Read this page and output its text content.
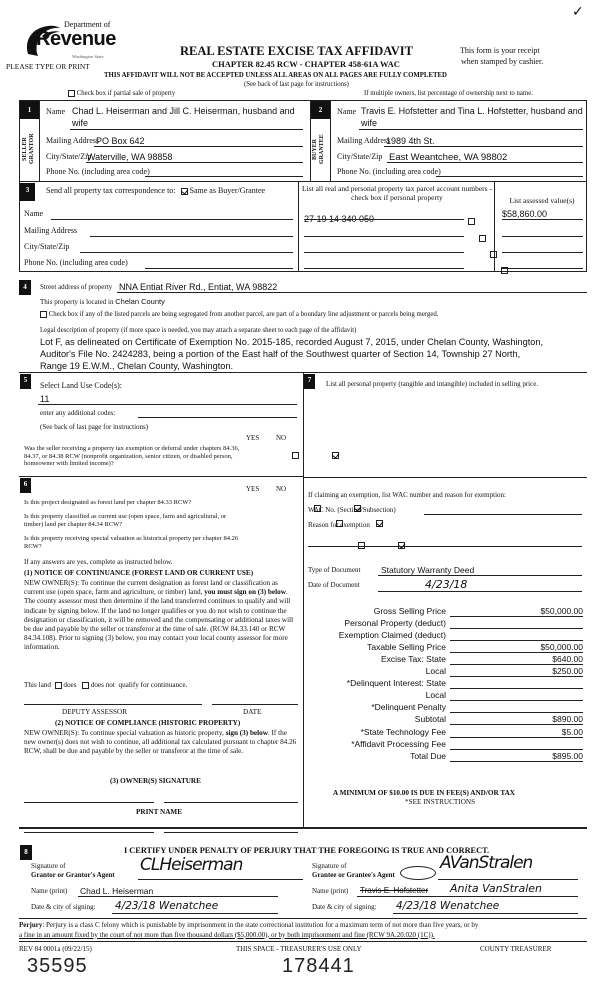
✓
Department of
Revenue
Washington State
PLEASE TYPE OR PRINT
REAL ESTATE EXCISE TAX AFFIDAVIT
CHAPTER 82.45 RCW - CHAPTER 458-61A WAC
This form is your receipt
when stamped by cashier.
THIS AFFIDAVIT WILL NOT BE ACCEPTED UNLESS ALL AREAS ON ALL PAGES ARE FULLY COMPLETED
(See back of last page for instructions)
Check box if partial sale of property	If multiple owners, list percentage of ownership next to name.
1
SELLER GRANTOR
Name Chad L. Heiserman and Jill C. Heiserman, husband and
wife
Mailing Address
PO Box 642
City/State/Zip
Waterville, WA 98858
Phone No. (including area code)
2
BUYER GRANTEE
Name Travis E. Hofstetter and Tina L. Hofstetter, husband and
wife
Mailing Address
1989 4th St.
City/State/Zip East Weantchee, WA 98802
Phone No. (including area code)
3	Send all property tax correspondence to: Same as Buyer/Grantee
Name
Mailing Address
City/State/Zip
Phone No. (including area code)
List all real and personal property tax parcel account numbers - check box if personal property	List assessed value(s)
27 19 14 340 050
	$58,860.00

4	Street address of property NNA Entiat River Rd., Entiat, WA 98822
This property is located in Chelan County
Check box if any of the listed parcels are being segregated from another parcel, are part of a boundary line adjustment or parcels being merged.
Legal description of property (if more space is needed, you may attach a separate sheet to each page of the affidavit)
Lot F, as delineated on Certificate of Exemption No. 2015-185, recorded August 7, 2015, under Chelan County, Washington,
Auditor's File No. 2424283, being a portion of the East half of the Southwest quarter of Section 14, Township 27 North,
Range 19 E.W.M., Chelan County, Washington.
5
Select Land Use Code(s):
11
enter any additional codes:
(See back of last page for instructions)
YES NO
Was the seller receiving a property tax exemption or deferral under chapters 84.36, 84.37, or 84.38 RCW (nonprofit organization, senior citizen, or disabled person, homeowner with limited income)?

6
YES NO
Is this project designated as forest land per chapter 84.33 RCW?

Is this property classified as current use (open space, farm and agricultural, or timber) land per chapter 84.34 RCW?

Is this property receiving special valuation as historical property per chapter 84.26 RCW?

If any answers are yes, complete as instructed below.
(1) NOTICE OF CONTINUANCE (FOREST LAND OR CURRENT USE)
NEW OWNER(S): To continue the current designation as forest land or classification as current use (open space, farm and agriculture, or timber) land, you must sign on (3) below. The county assessor must then determine if the land transferred continues to qualify and will indicate by signing below. If the land no longer qualifies or you do not wish to continue the designation or classification, it will be removed and the compensating or additional taxes will be due and payable by the seller or transferor at the time of sale. (RCW 84.33.140 or RCW 84.34.108). Prior to signing (3) below, you may contact your local county assessor for more information.
This land does does not qualify for continuance.
DEPUTY ASSESSOR	DATE
(2) NOTICE OF COMPLIANCE (HISTORIC PROPERTY)
NEW OWNER(S): To continue special valuation as historic property, sign (3) below. If the new owner(s) does not wish to continue, all additional tax calculated pursuant to chapter 84.26 RCW, shall be due and payable by the seller or transferor at the time of sale.
(3) OWNER(S) SIGNATURE
PRINT NAME
7	List all personal property (tangible and intangible) included in selling price.
If claiming an exemption, list WAC number and reason for exemption:
WAC No. (Section/Subsection)
Reason for exemption
Type of Document Statutory Warranty Deed
Date of Document	4/23/18
Gross Selling Price	$50,000.00
Personal Property (deduct)
Exemption Claimed (deduct)
Taxable Selling Price	$50,000.00
Excise Tax: State	$640.00
Local	$250.00
*Delinquent Interest: State
Local
*Delinquent Penalty
Subtotal	$890.00
*State Technology Fee	$5.00
*Affidavit Processing Fee
Total Due	$895.00
A MINIMUM OF $10.00 IS DUE IN FEE(S) AND/OR TAX
*SEE INSTRUCTIONS
8	I CERTIFY UNDER PENALTY OF PERJURY THAT THE FOREGOING IS TRUE AND CORRECT.
Signature of
Grantor or Grantor's Agent CLHeiserman
Name (print) Chad L. Heiserman
Date & city of signing: 4/23/18 Wenatchee
Signature of
Grantee or Grantee's Agent
AVanStralen
Name (print) Travis E. Hofstetter Anita VanStralen
Date & city of signing: 4/23/18 Wenatchee
Perjury: Perjury is a class C felony which is punishable by imprisonment in the state correctional institution for a maximum term of not more than five years, or by
a fine in an amount fixed by the court of not more than five thousand dollars ($5,000.00), or by both imprisonment and fine (RCW 9A.20.020 (1C)).
REV 84 0001a (09/22/15)	THIS SPACE - TREASURER'S USE ONLY	COUNTY TREASURER
35595	178441
